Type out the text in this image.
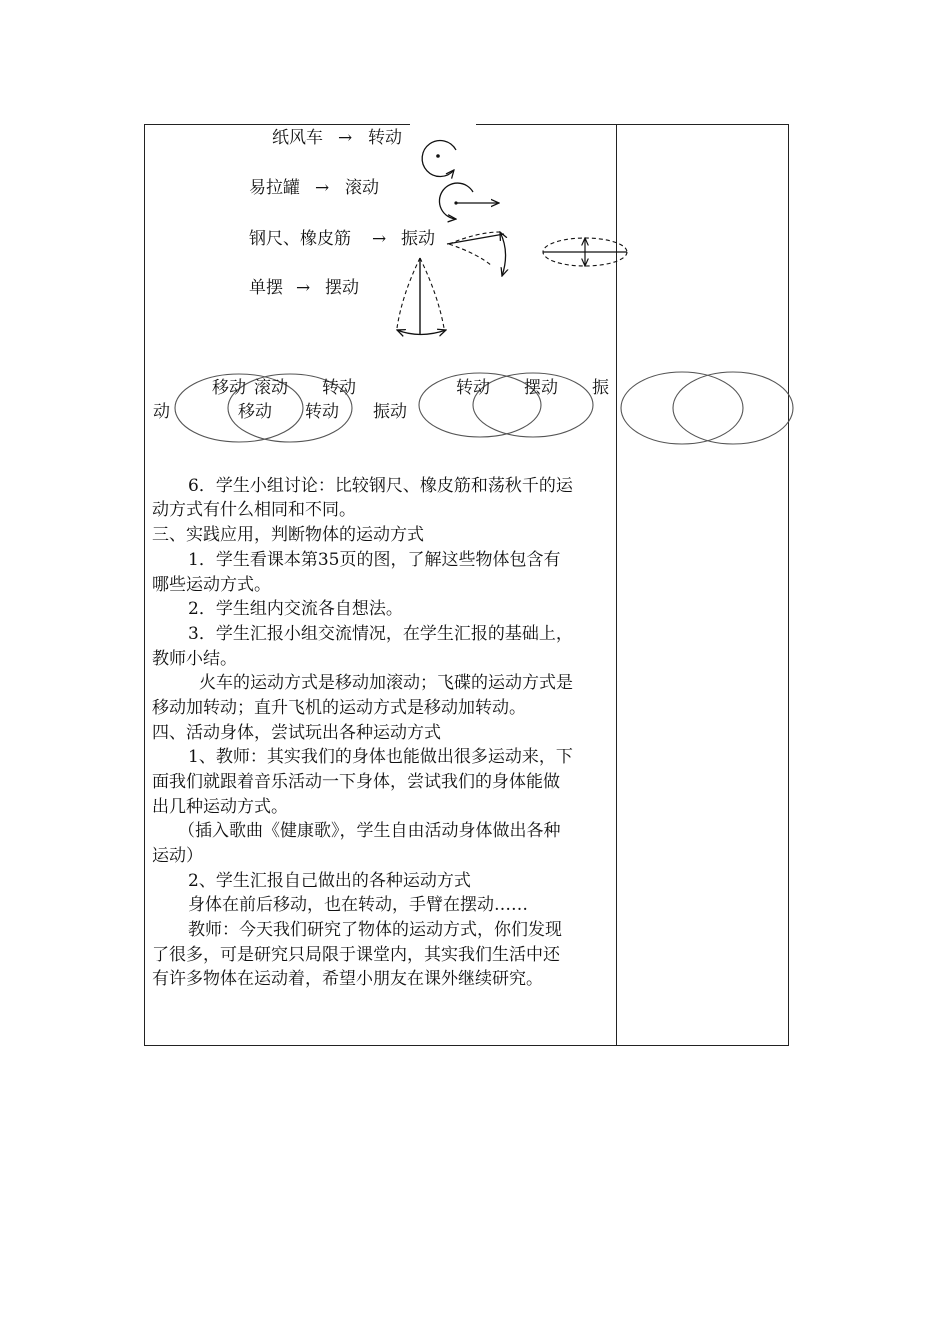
纸风车 → 转动
易拉罐 → 滚动
钢尺、橡皮筋 → 振动
单摆 → 摆动
移动 滚动 转动	转动 摆动 振
动	移动 转动 振动
6．学生小组讨论：比较钢尺、橡皮筋和荡秋千的运
动方式有什么相同和不同。
三、实践应用，判断物体的运动方式
1．学生看课本第35页的图，了解这些物体包含有
哪些运动方式。
2．学生组内交流各自想法。
3．学生汇报小组交流情况，在学生汇报的基础上，
教师小结。
火车的运动方式是移动加滚动；飞碟的运动方式是
移动加转动；直升飞机的运动方式是移动加转动。
四、活动身体，尝试玩出各种运动方式
1、教师：其实我们的身体也能做出很多运动来，下
面我们就跟着音乐活动一下身体，尝试我们的身体能做
出几种运动方式。
（插入歌曲《健康歌》，学生自由活动身体做出各种
运动）
2、学生汇报自己做出的各种运动方式
身体在前后移动，也在转动，手臂在摆动……
教师：今天我们研究了物体的运动方式，你们发现
了很多，可是研究只局限于课堂内，其实我们生活中还
有许多物体在运动着，希望小朋友在课外继续研究。
